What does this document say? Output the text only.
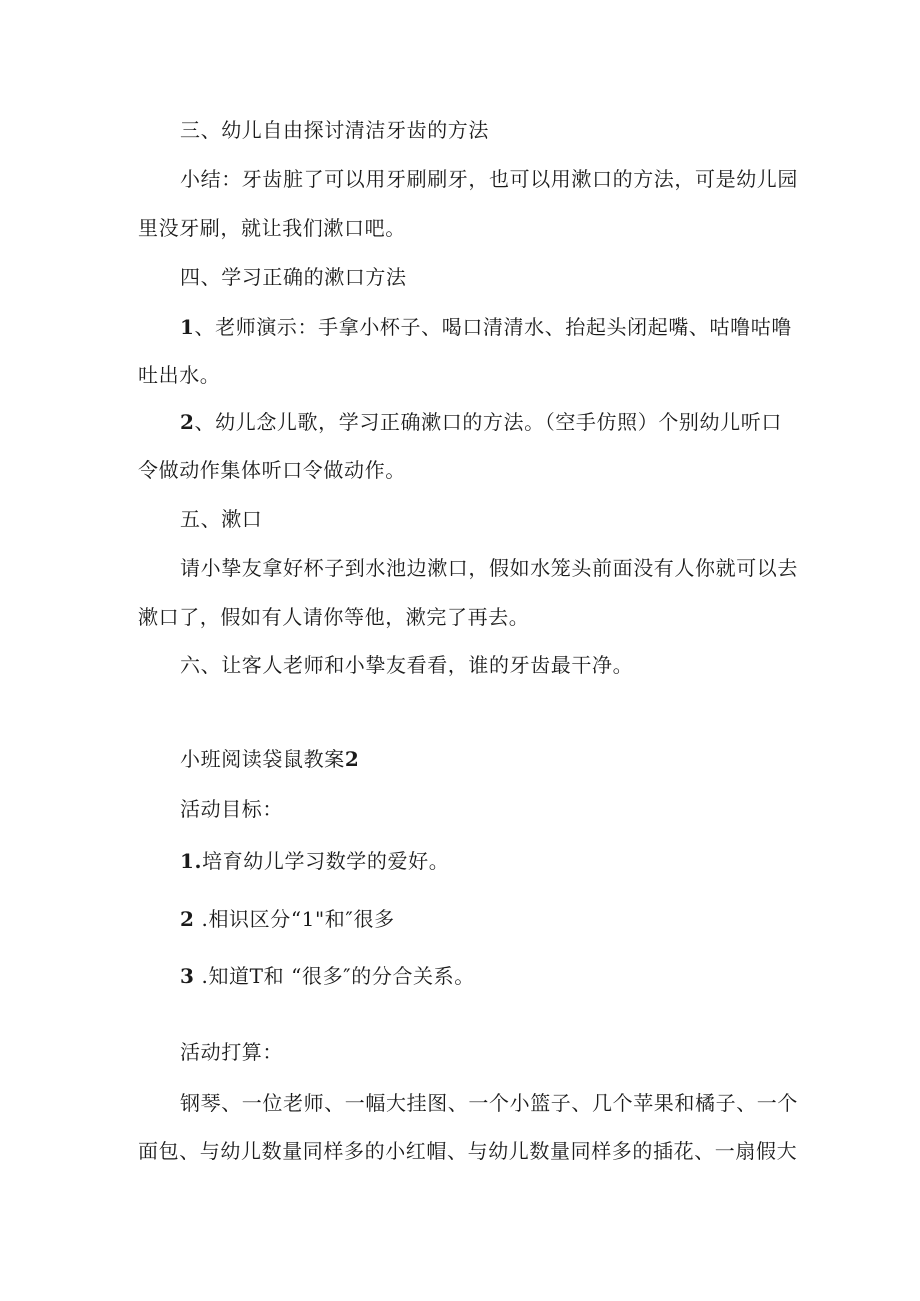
三、幼儿自由探讨清洁牙齿的方法
小结：牙齿脏了可以用牙刷刷牙，也可以用漱口的方法，可是幼儿园
里没牙刷，就让我们漱口吧。
四、学习正确的漱口方法
1、老师演示：手拿小杯子、喝口清清水、抬起头闭起嘴、咕噜咕噜
吐出水。
2、幼儿念儿歌，学习正确漱口的方法。（空手仿照）个别幼儿听口
令做动作集体听口令做动作。
五、漱口
请小挚友拿好杯子到水池边漱口，假如水笼头前面没有人你就可以去
漱口了，假如有人请你等他，漱完了再去。
六、让客人老师和小挚友看看，谁的牙齿最干净。
小班阅读袋鼠教案2
活动目标：
1.培育幼儿学习数学的爱好。
2 .相识区分“1"和″很多
3 .知道T和 “很多″的分合关系。
活动打算：
钢琴、一位老师、一幅大挂图、一个小篮子、几个苹果和橘子、一个
面包、与幼儿数量同样多的小红帽、与幼儿数量同样多的插花、一扇假大
